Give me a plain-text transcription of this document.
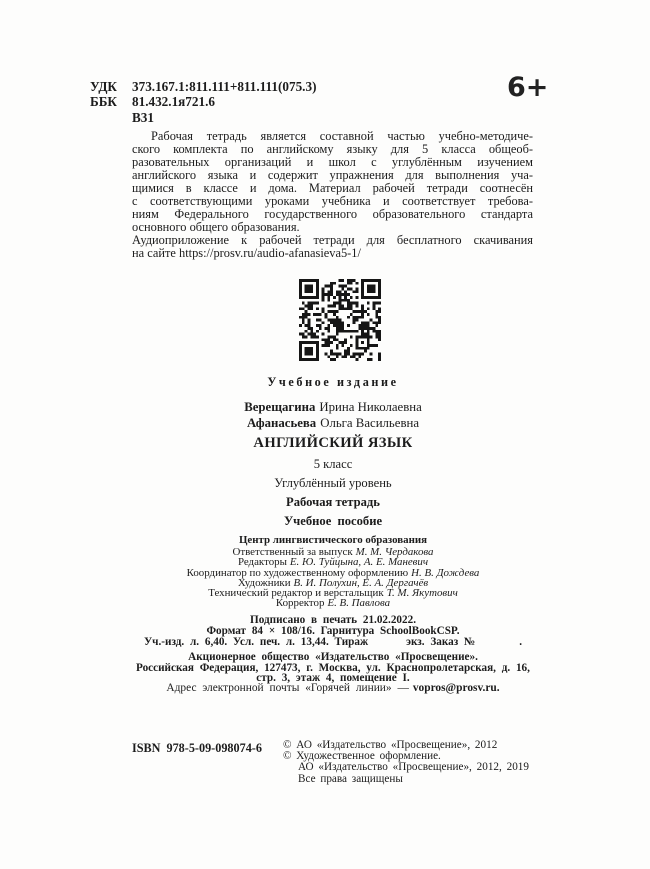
УДК	373.167.1:811.111+811.111(075.3)
ББК	81.432.1я721.6
В31
6+
Рабочая тетрадь является составной частью учебно-методиче-
ского комплекта по английскому языку для 5 класса общеоб-
разовательных организаций и школ с углублённым изучением
английского языка и содержит упражнения для выполнения уча-
щимися в классе и дома. Материал рабочей тетради соотнесён
с соответствующими уроками учебника и соответствует требова-
ниям Федерального государственного образовательного стандарта
основного общего образования.
Аудиоприложение к рабочей тетради для бесплатного скачивания
на сайте https://prosv.ru/audio-afanasieva5-1/
Учебное издание
Верещагина Ирина Николаевна
Афанасьева Ольга Васильевна
АНГЛИЙСКИЙ ЯЗЫК
5 класс
Углублённый уровень
Рабочая тетрадь
Учебное пособие
Центр лингвистического образования
Ответственный за выпуск М. М. Чердакова
Редакторы Е. Ю. Туйцына, А. Е. Маневич
Координатор по художественному оформлению Н. В. Дождева
Художники В. И. Полухин, Е. А. Дергачёв
Технический редактор и верстальщик Т. М. Якутович
Корректор Е. В. Павлова
Подписано в печать 21.02.2022.
Формат 84 × 108/16. Гарнитура SchoolBookCSP.
Уч.-изд. л. 6,40. Усл. печ. л. 13,44. Тираж	экз. Заказ №	.
Акционерное общество «Издательство «Просвещение».
Российская Федерация, 127473, г. Москва, ул. Краснопролетарская, д. 16,
стр. 3, этаж 4, помещение I.
Адрес электронной почты «Горячей линии» — vopros@prosv.ru.
ISBN 978-5-09-098074-6 © АО «Издательство «Просвещение», 2012
© Художественное оформление.
АО «Издательство «Просвещение», 2012, 2019
Все права защищены
